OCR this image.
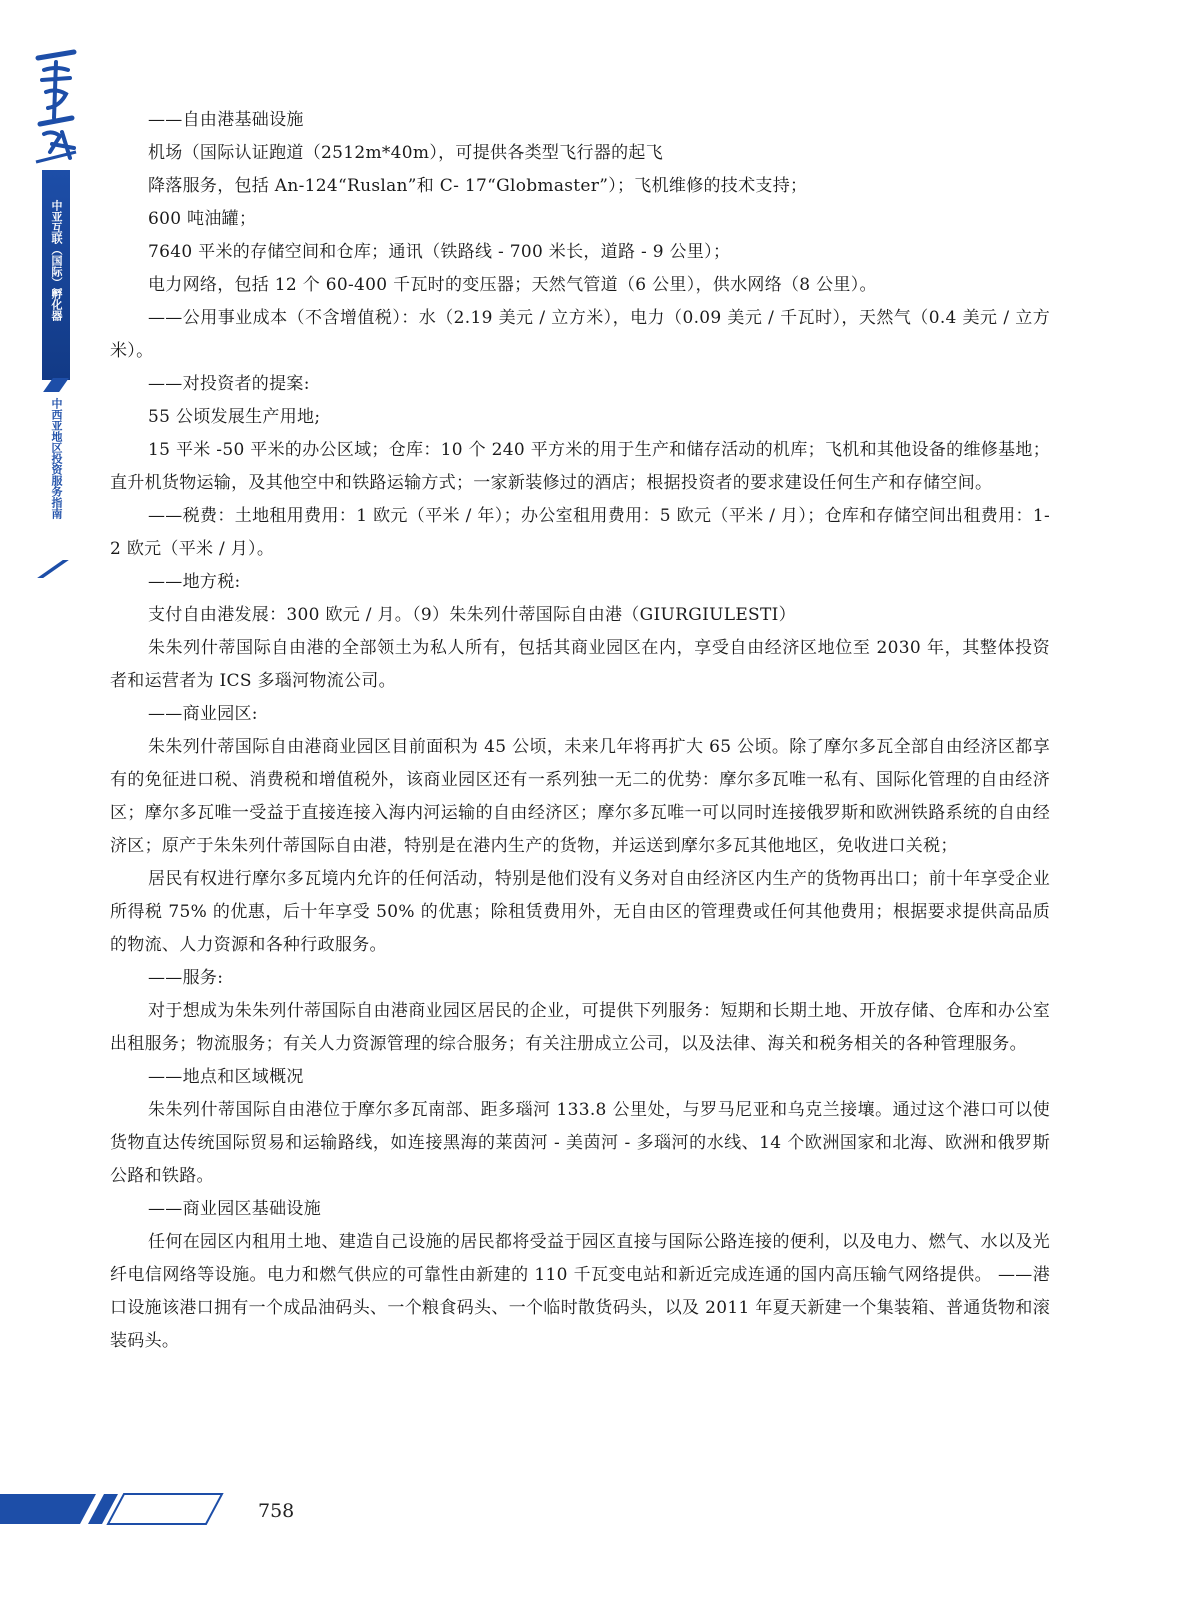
中亚互联（国际）孵化器
中西亚地区投资服务指南

——自由港基础设施

机场（国际认证跑道（2512m*40m），可提供各类型飞行器的起飞

降落服务，包括 An-124“Ruslan”和 C- 17“Globmaster”）；飞机维修的技术支持；

600 吨油罐；

7640 平米的存储空间和仓库；通讯（铁路线 - 700 米长，道路 - 9 公里）；

电力网络，包括 12 个 60-400 千瓦时的变压器；天然气管道（6 公里），供水网络（8 公里）。

——公用事业成本（不含增值税）：水（2.19 美元 / 立方米），电力（0.09 美元 / 千瓦时），天然气（0.4 美元 / 立方米）。

——对投资者的提案:

55 公顷发展生产用地;

15 平米 -50 平米的办公区域；仓库：10 个 240 平方米的用于生产和储存活动的机库；飞机和其他设备的维修基地；直升机货物运输，及其他空中和铁路运输方式；一家新装修过的酒店；根据投资者的要求建设任何生产和存储空间。

——税费：土地租用费用：1 欧元（平米 / 年）；办公室租用费用：5 欧元（平米 / 月）；仓库和存储空间出租费用：1-2 欧元（平米 / 月）。

——地方税:

支付自由港发展：300 欧元 / 月。（9）朱朱列什蒂国际自由港（GIURGIULESTI）

朱朱列什蒂国际自由港的全部领土为私人所有，包括其商业园区在内，享受自由经济区地位至 2030 年，其整体投资者和运营者为 ICS 多瑙河物流公司。

——商业园区:

朱朱列什蒂国际自由港商业园区目前面积为 45 公顷，未来几年将再扩大 65 公顷。除了摩尔多瓦全部自由经济区都享有的免征进口税、消费税和增值税外，该商业园区还有一系列独一无二的优势：摩尔多瓦唯一私有、国际化管理的自由经济区；摩尔多瓦唯一受益于直接连接入海内河运输的自由经济区；摩尔多瓦唯一可以同时连接俄罗斯和欧洲铁路系统的自由经济区；原产于朱朱列什蒂国际自由港，特别是在港内生产的货物，并运送到摩尔多瓦其他地区，免收进口关税；

居民有权进行摩尔多瓦境内允许的任何活动，特别是他们没有义务对自由经济区内生产的货物再出口；前十年享受企业所得税 75% 的优惠，后十年享受 50% 的优惠；除租赁费用外，无自由区的管理费或任何其他费用；根据要求提供高品质的物流、人力资源和各种行政服务。

——服务:

对于想成为朱朱列什蒂国际自由港商业园区居民的企业，可提供下列服务：短期和长期土地、开放存储、仓库和办公室出租服务；物流服务；有关人力资源管理的综合服务；有关注册成立公司，以及法律、海关和税务相关的各种管理服务。

——地点和区域概况

朱朱列什蒂国际自由港位于摩尔多瓦南部、距多瑙河 133.8 公里处，与罗马尼亚和乌克兰接壤。通过这个港口可以使货物直达传统国际贸易和运输路线，如连接黑海的莱茵河 - 美茵河 - 多瑙河的水线、14 个欧洲国家和北海、欧洲和俄罗斯公路和铁路。

——商业园区基础设施

任何在园区内租用土地、建造自己设施的居民都将受益于园区直接与国际公路连接的便利，以及电力、燃气、水以及光纤电信网络等设施。电力和燃气供应的可靠性由新建的 110 千瓦变电站和新近完成连通的国内高压输气网络提供。 ——港口设施该港口拥有一个成品油码头、一个粮食码头、一个临时散货码头，以及 2011 年夏天新建一个集装箱、普通货物和滚装码头。

758
